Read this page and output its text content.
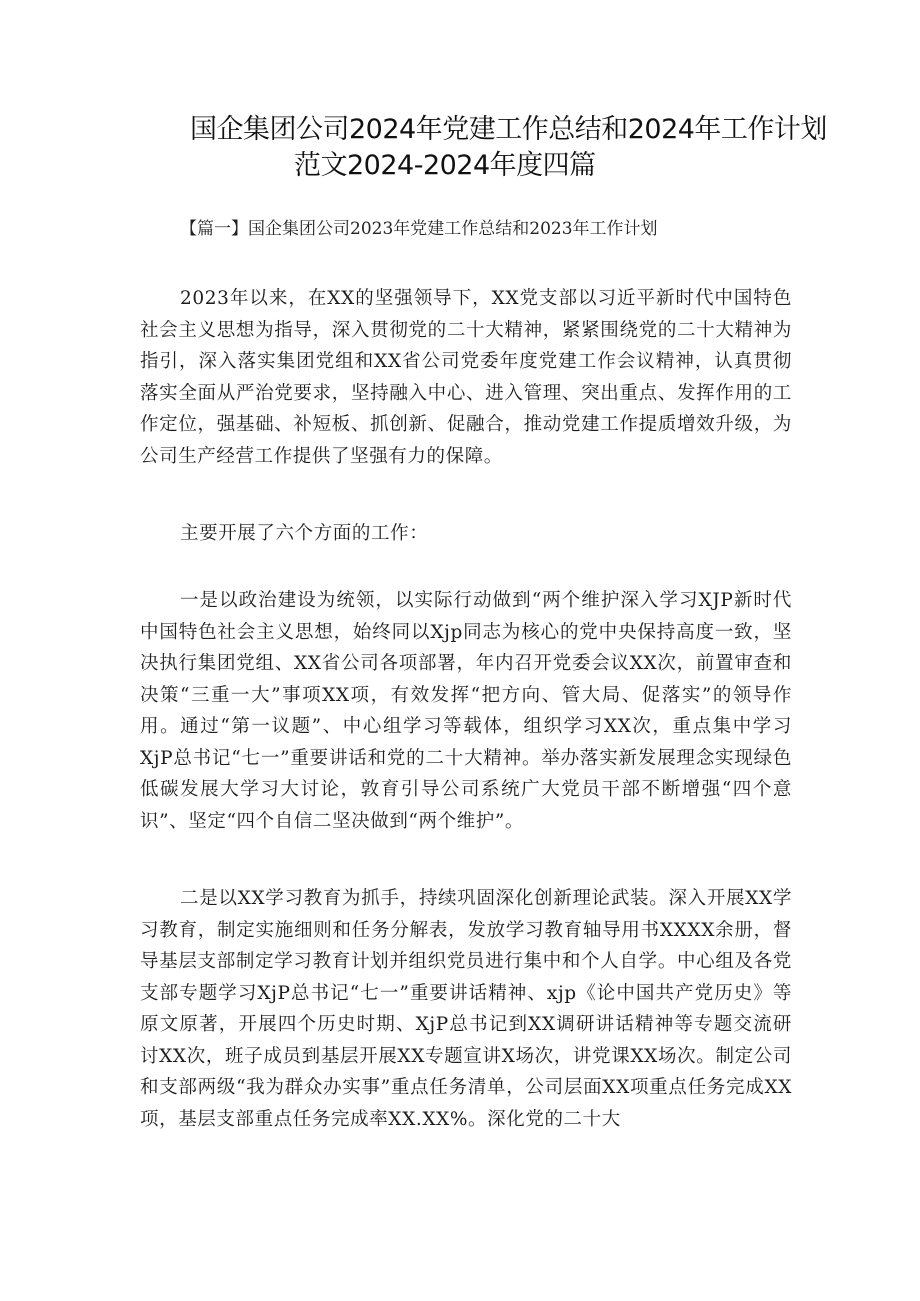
国企集团公司2024年党建工作总结和2024年工作计划
范文2024-2024年度四篇
【篇一】国企集团公司2023年党建工作总结和2023年工作计划

2023年以来，在XX的坚强领导下，XX党支部以习近平新时代中国特色社会主义思想为指导，深入贯彻党的二十大精神，紧紧围绕党的二十大精神为指引，深入落实集团党组和XX省公司党委年度党建工作会议精神，认真贯彻落实全面从严治党要求，坚持融入中心、进入管理、突出重点、发挥作用的工作定位，强基础、补短板、抓创新、促融合，推动党建工作提质增效升级，为公司生产经营工作提供了坚强有力的保障。

主要开展了六个方面的工作：

一是以政治建设为统领，以实际行动做到“两个维护深入学习XJP新时代中国特色社会主义思想，始终同以Xjp同志为核心的党中央保持高度一致，坚决执行集团党组、XX省公司各项部署，年内召开党委会议XX次，前置审查和决策“三重一大”事项XX项，有效发挥“把方向、管大局、促落实”的领导作用。通过“第一议题”、中心组学习等载体，组织学习XX次，重点集中学习XjP总书记“七一”重要讲话和党的二十大精神。举办落实新发展理念实现绿色低碳发展大学习大讨论，敦育引导公司系统广大党员干部不断增强“四个意识”、坚定“四个自信二坚决做到“两个维护”。

二是以XX学习教育为抓手，持续巩固深化创新理论武装。深入开展XX学习教育，制定实施细则和任务分解表，发放学习教育轴导用书XXXX余册，督导基层支部制定学习教育计划并组织党员进行集中和个人自学。中心组及各党支部专题学习XjP总书记“七一”重要讲话精神、xjp《论中国共产党历史》等原文原著，开展四个历史时期、XjP总书记到XX调研讲话精神等专题交流研讨XX次，班子成员到基层开展XX专题宣讲X场次，讲党课XX场次。制定公司和支部两级“我为群众办实事”重点任务清单，公司层面XX项重点任务完成XX项，基层支部重点任务完成率XX.XX%。深化党的二十大
